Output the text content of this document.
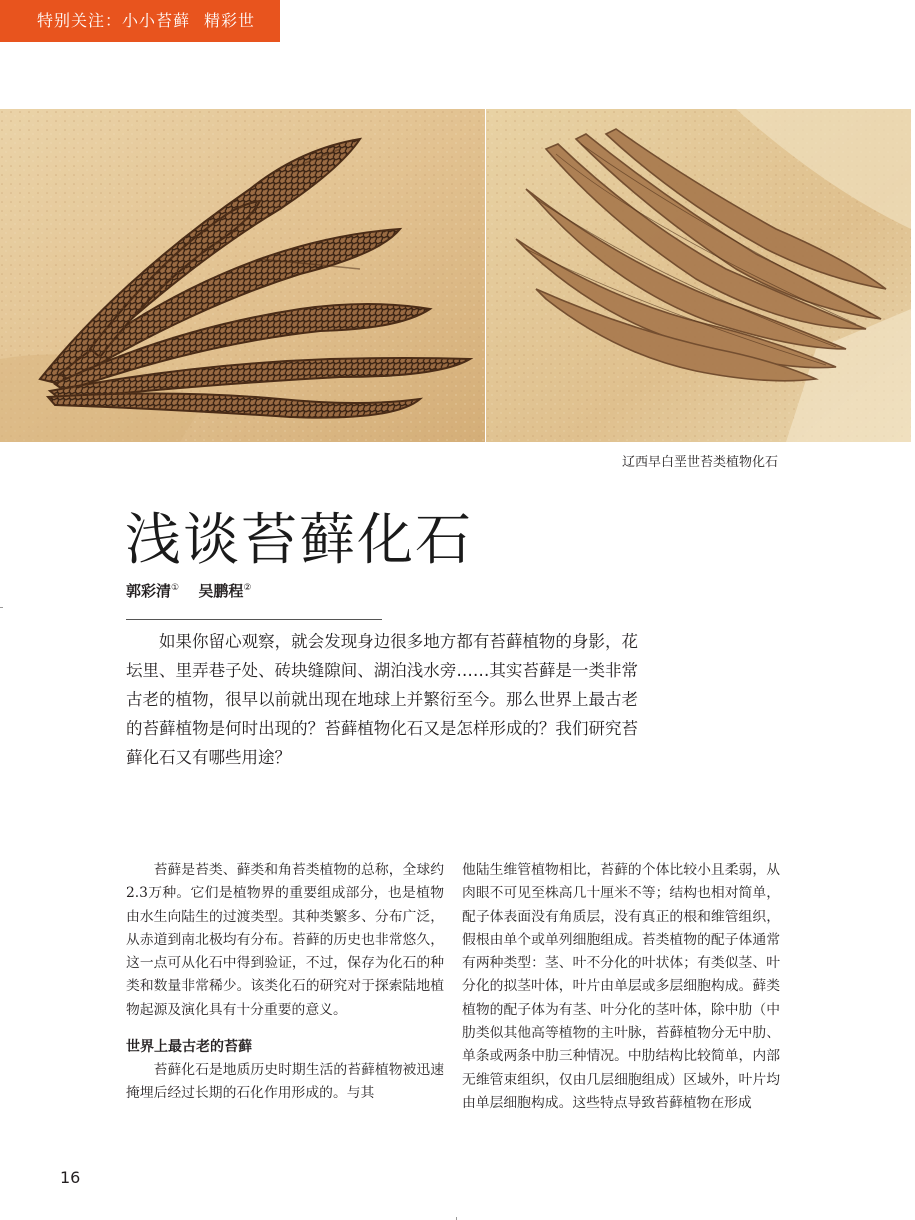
特别关注：小小苔藓 精彩世界
辽西早白垩世苔类植物化石
浅谈苔藓化石
郭彩清① 吴鹏程②
如果你留心观察，就会发现身边很多地方都有苔藓植物的身影，花坛里、里弄巷子处、砖块缝隙间、湖泊浅水旁……其实苔藓是一类非常古老的植物，很早以前就出现在地球上并繁衍至今。那么世界上最古老的苔藓植物是何时出现的？苔藓植物化石又是怎样形成的？我们研究苔藓化石又有哪些用途？

苔藓是苔类、藓类和角苔类植物的总称，全球约2.3万种。它们是植物界的重要组成部分，也是植物由水生向陆生的过渡类型。其种类繁多、分布广泛，从赤道到南北极均有分布。苔藓的历史也非常悠久，这一点可从化石中得到验证，不过，保存为化石的种类和数量非常稀少。该类化石的研究对于探索陆地植物起源及演化具有十分重要的意义。

世界上最古老的苔藓

苔藓化石是地质历史时期生活的苔藓植物被迅速掩埋后经过长期的石化作用形成的。与其

他陆生维管植物相比，苔藓的个体比较小且柔弱，从肉眼不可见至株高几十厘米不等；结构也相对简单，配子体表面没有角质层，没有真正的根和维管组织，假根由单个或单列细胞组成。苔类植物的配子体通常有两种类型：茎、叶不分化的叶状体；有类似茎、叶分化的拟茎叶体，叶片由单层或多层细胞构成。藓类植物的配子体为有茎、叶分化的茎叶体，除中肋（中肋类似其他高等植物的主叶脉，苔藓植物分无中肋、单条或两条中肋三种情况。中肋结构比较简单，内部无维管束组织，仅由几层细胞组成）区域外，叶片均由单层细胞构成。这些特点导致苔藓植物在形成

16
